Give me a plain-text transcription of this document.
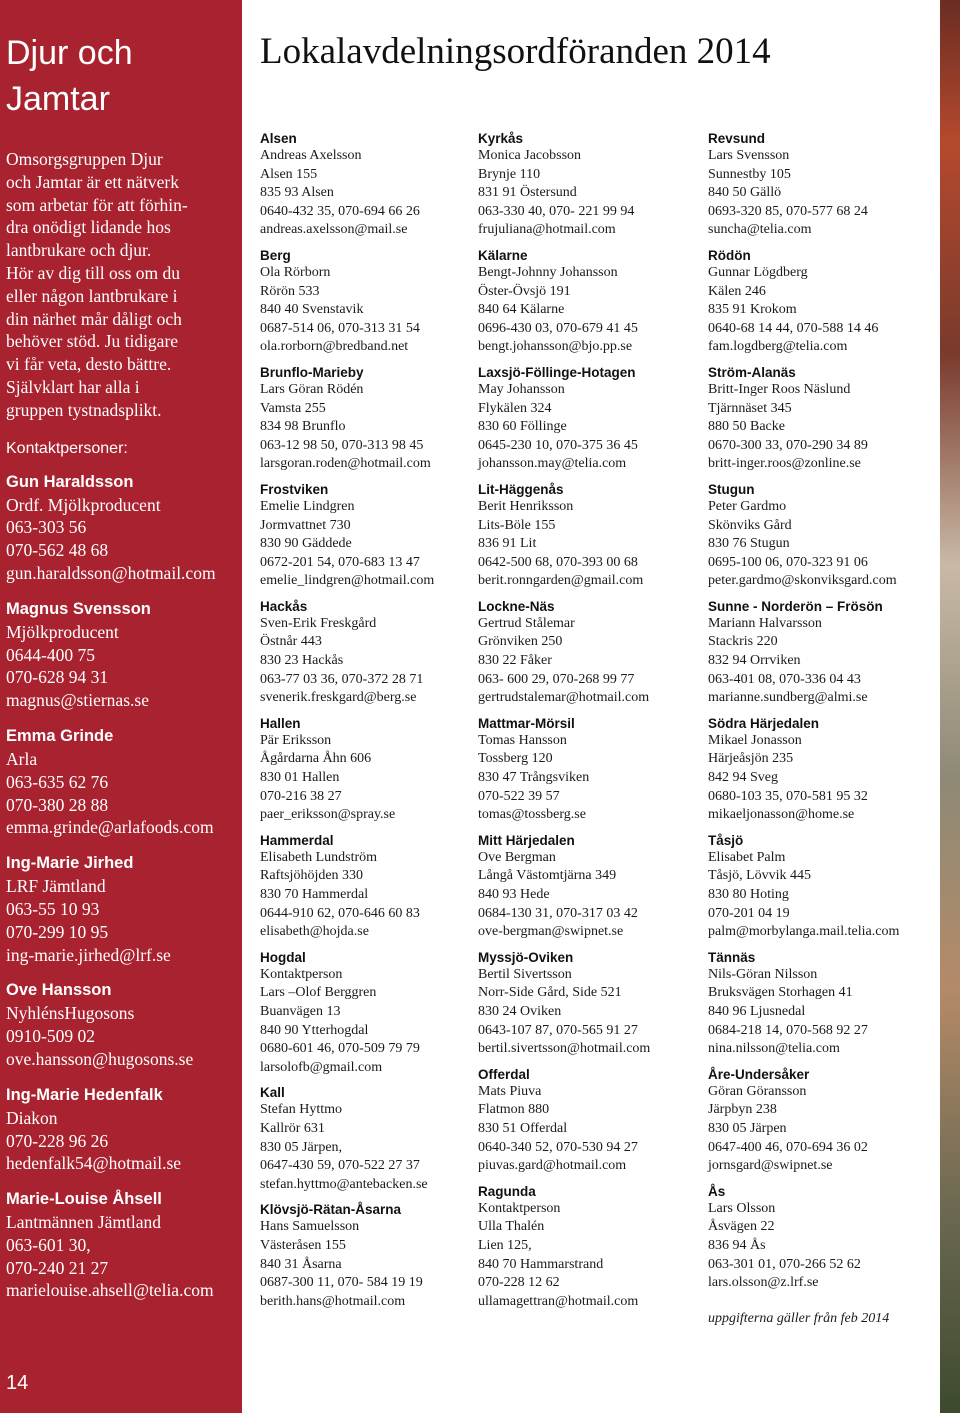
Djur och Jamtar
Omsorgsgruppen Djur
och Jamtar är ett nätverk
som arbetar för att förhin-
dra onödigt lidande hos
lantbrukare och djur.
Hör av dig till oss om du
eller någon lantbrukare i
din närhet mår dåligt och
behöver stöd. Ju tidigare
vi får veta, desto bättre.
Självklart har alla i
gruppen tystnadsplikt.
Kontaktpersoner:
Gun Haraldsson
Ordf. Mjölkproducent
063-303 56
070-562 48 68
gun.haraldsson@hotmail.com
Magnus Svensson
Mjölkproducent
0644-400 75
070-628 94 31
magnus@stiernas.se
Emma Grinde
Arla
063-635 62 76
070-380 28 88
emma.grinde@arlafoods.com
Ing-Marie Jirhed
LRF Jämtland
063-55 10 93
070-299 10 95
ing-marie.jirhed@lrf.se
Ove Hansson
NyhlénsHugosons
0910-509 02
ove.hansson@hugosons.se
Ing-Marie Hedenfalk
Diakon
070-228 96 26
hedenfalk54@hotmail.se
Marie-Louise Åhsell
Lantmännen Jämtland
063-601 30,
070-240 21 27
marielouise.ahsell@telia.com
14
Lokalavdelningsordföranden 2014
Alsen
Andreas Axelsson
Alsen 155
835 93 Alsen
0640-432 35, 070-694 66 26
andreas.axelsson@mail.se
Berg
Ola Rörborn
Rörön 533
840 40 Svenstavik
0687-514 06, 070-313 31 54
ola.rorborn@bredband.net
Brunflo-Marieby
Lars Göran Rödén
Vamsta 255
834 98 Brunflo
063-12 98 50, 070-313 98 45
larsgoran.roden@hotmail.com
Frostviken
Emelie Lindgren
Jormvattnet 730
830 90 Gäddede
0672-201 54, 070-683 13 47
emelie_lindgren@hotmail.com
Hackås
Sven-Erik Freskgård
Östnår 443
830 23 Hackås
063-77 03 36, 070-372 28 71
svenerik.freskgard@berg.se
Hallen
Pär Eriksson
Ågårdarna Åhn 606
830 01 Hallen
070-216 38 27
paer_eriksson@spray.se
Hammerdal
Elisabeth Lundström
Raftsjöhöjden 330
830 70 Hammerdal
0644-910 62, 070-646 60 83
elisabeth@hojda.se
Hogdal
Kontaktperson
Lars –Olof Berggren
Buanvägen 13
840 90 Ytterhogdal
0680-601 46, 070-509 79 79
larsolofb@gmail.com
Kall
Stefan Hyttmo
Kallrör 631
830 05 Järpen,
0647-430 59, 070-522 27 37
stefan.hyttmo@antebacken.se
Klövsjö-Rätan-Åsarna
Hans Samuelsson
Västeråsen 155
840 31 Åsarna
0687-300 11, 070- 584 19 19
berith.hans@hotmail.com
Kyrkås
Monica Jacobsson
Brynje 110
831 91 Östersund
063-330 40, 070- 221 99 94
frujuliana@hotmail.com
Kälarne
Bengt-Johnny Johansson
Öster-Övsjö 191
840 64 Kälarne
0696-430 03, 070-679 41 45
bengt.johansson@bjo.pp.se
Laxsjö-Föllinge-Hotagen
May Johansson
Flykälen 324
830 60 Föllinge
0645-230 10, 070-375 36 45
johansson.may@telia.com
Lit-Häggenås
Berit Henriksson
Lits-Böle 155
836 91 Lit
0642-500 68, 070-393 00 68
berit.ronngarden@gmail.com
Lockne-Näs
Gertrud Stålemar
Grönviken 250
830 22 Fåker
063- 600 29, 070-268 99 77
gertrudstalemar@hotmail.com
Mattmar-Mörsil
Tomas Hansson
Tossberg 120
830 47 Trångsviken
070-522 39 57
tomas@tossberg.se
Mitt Härjedalen
Ove Bergman
Långå Västomtjärna 349
840 93 Hede
0684-130 31, 070-317 03 42
ove-bergman@swipnet.se
Myssjö-Oviken
Bertil Sivertsson
Norr-Side Gård, Side 521
830 24 Oviken
0643-107 87, 070-565 91 27
bertil.sivertsson@hotmail.com
Offerdal
Mats Piuva
Flatmon 880
830 51 Offerdal
0640-340 52, 070-530 94 27
piuvas.gard@hotmail.com
Ragunda
Kontaktperson
Ulla Thalén
Lien 125,
840 70 Hammarstrand
070-228 12 62
ullamagettran@hotmail.com
Revsund
Lars Svensson
Sunnestby 105
840 50 Gällö
0693-320 85, 070-577 68 24
suncha@telia.com
Rödön
Gunnar Lögdberg
Kälen 246
835 91 Krokom
0640-68 14 44, 070-588 14 46
fam.logdberg@telia.com
Ström-Alanäs
Britt-Inger Roos Näslund
Tjärnnäset 345
880 50 Backe
0670-300 33, 070-290 34 89
britt-inger.roos@zonline.se
Stugun
Peter Gardmo
Skönviks Gård
830 76 Stugun
0695-100 06, 070-323 91 06
peter.gardmo@skonviksgard.com
Sunne - Norderön – Frösön
Mariann Halvarsson
Stackris 220
832 94 Orrviken
063-401 08, 070-336 04 43
marianne.sundberg@almi.se
Södra Härjedalen
Mikael Jonasson
Härjeåsjön 235
842 94 Sveg
0680-103 35, 070-581 95 32
mikaeljonasson@home.se
Tåsjö
Elisabet Palm
Tåsjö, Lövvik 445
830 80 Hoting
070-201 04 19
palm@morbylanga.mail.telia.com
Tännäs
Nils-Göran Nilsson
Bruksvägen Storhagen 41
840 96 Ljusnedal
0684-218 14, 070-568 92 27
nina.nilsson@telia.com
Åre-Undersåker
Göran Göransson
Järpbyn 238
830 05 Järpen
0647-400 46, 070-694 36 02
jornsgard@swipnet.se
Ås
Lars Olsson
Åsvägen 22
836 94 Ås
063-301 01, 070-266 52 62
lars.olsson@z.lrf.se
uppgifterna gäller från feb 2014
